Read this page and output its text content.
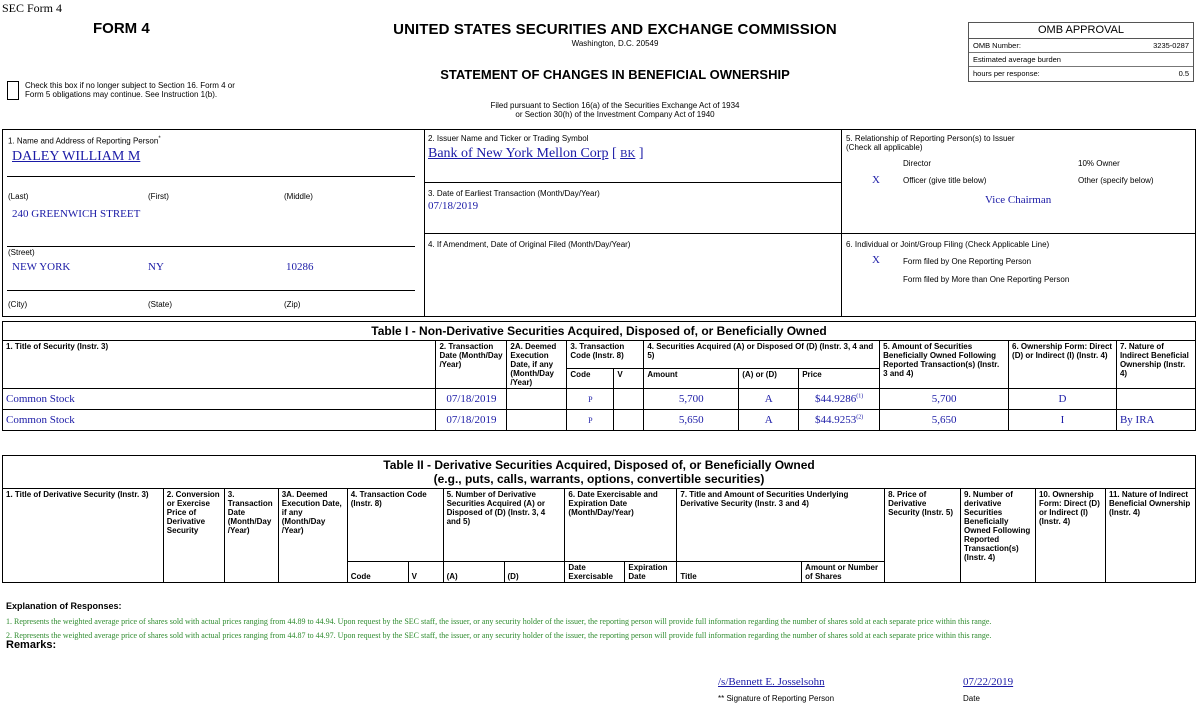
SEC Form 4
FORM 4
Check this box if no longer subject to Section 16. Form 4 or Form 5 obligations may continue. See Instruction 1(b).
UNITED STATES SECURITIES AND EXCHANGE COMMISSION
Washington, D.C. 20549
STATEMENT OF CHANGES IN BENEFICIAL OWNERSHIP
Filed pursuant to Section 16(a) of the Securities Exchange Act of 1934
or Section 30(h) of the Investment Company Act of 1940
OMB APPROVAL
OMB Number:	3235-0287
Estimated average burden
hours per response:	0.5
1. Name and Address of Reporting Person*
DALEY WILLIAM M
(Last)	(First)	(Middle)
240 GREENWICH STREET
(Street)
NEW YORK	NY	10286
(City)	(State)	(Zip)
2. Issuer Name and Ticker or Trading Symbol
Bank of New York Mellon Corp [ BK ]
3. Date of Earliest Transaction (Month/Day/Year)
07/18/2019
4. If Amendment, Date of Original Filed (Month/Day/Year)
5. Relationship of Reporting Person(s) to Issuer
(Check all applicable)
Director	10% Owner
X	Officer (give title below)	Other (specify below)
Vice Chairman
6. Individual or Joint/Group Filing (Check Applicable Line)
X	Form filed by One Reporting Person
Form filed by More than One Reporting Person
Table I - Non-Derivative Securities Acquired, Disposed of, or Beneficially Owned										
1. Title of Security (Instr. 3)	2. Transaction Date (Month/Day /Year)	2A. Deemed Execution Date, if any (Month/Day /Year)	3. Transaction Code (Instr. 8)		4. Securities Acquired (A) or Disposed Of (D) (Instr. 3, 4 and 5)			5. Amount of Securities Beneficially Owned Following Reported Transaction(s) (Instr. 3 and 4)	6. Ownership Form: Direct (D) or Indirect (I) (Instr. 4)	7. Nature of Indirect Beneficial Ownership (Instr. 4)
			Code	V	Amount	(A) or (D)	Price			
Common Stock	07/18/2019		P		5,700	A	$44.9286$^{(1)}$	5,700	D	
Common Stock	07/18/2019		P		5,650	A	$44.9253$^{(2)}$	5,650	I	By IRA
Table II - Derivative Securities Acquired, Disposed of, or Beneficially Owned
(e.g., puts, calls, warrants, options, convertible securities)															

1. Title of Derivative Security (Instr. 3)	2. Conversion or Exercise Price of Derivative Security	3. Transaction Date (Month/Day /Year)	3A. Deemed Execution Date, if any (Month/Day /Year)	4. Transaction Code (Instr. 8)		5. Number of Derivative Securities Acquired (A) or Disposed of (D) (Instr. 3, 4 and 5)		6. Date Exercisable and Expiration Date (Month/Day/Year)		7. Title and Amount of Securities Underlying Derivative Security (Instr. 3 and 4)		8. Price of Derivative Security (Instr. 5)	9. Number of derivative Securities Beneficially Owned Following Reported Transaction(s) (Instr. 4)	10. Ownership Form: Direct (D) or Indirect (I) (Instr. 4)	11. Nature of Indirect Beneficial Ownership (Instr. 4)
				Code	V	(A)	(D)	Date Exercisable	Expiration Date	Title	Amount or Number of Shares				
Explanation of Responses:
1. Represents the weighted average price of shares sold with actual prices ranging from 44.89 to 44.94. Upon request by the SEC staff, the issuer, or any security holder of the issuer, the reporting person will provide full information regarding the number of shares sold at each separate price within this range.
2. Represents the weighted average price of shares sold with actual prices ranging from 44.87 to 44.97. Upon request by the SEC staff, the issuer, or any security holder of the issuer, the reporting person will provide full information regarding the number of shares sold at each separate price within this range.
Remarks:
/s/Bennett E. Josselsohn
** Signature of Reporting Person
07/22/2019
Date
